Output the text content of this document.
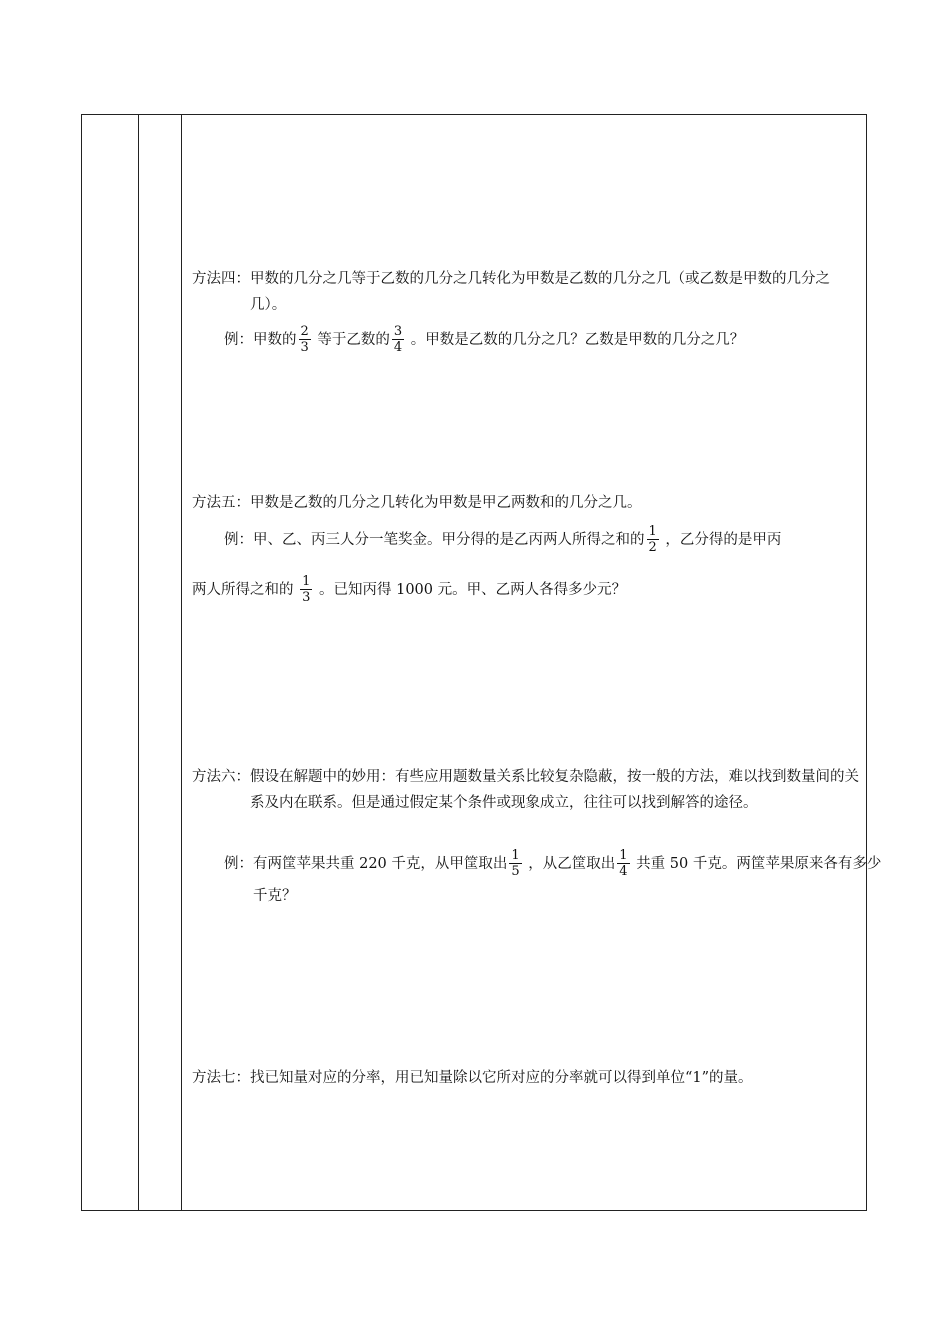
方法四： 甲数的几分之几等于乙数的几分之几转化为甲数是乙数的几分之几（或乙数是甲数的几分之几）。
例：甲数的 $\frac{2}{3}$ 等于乙数的 $\frac{3}{4}$ 。甲数是乙数的几分之几？乙数是甲数的几分之几？
方法五： 甲数是乙数的几分之几转化为甲数是甲乙两数和的几分之几。
例：甲、乙、丙三人分一笔奖金。甲分得的是乙丙两人所得之和的 $\frac{1}{2}$ ，乙分得的是甲丙
两人所得之和的 $\frac{1}{3}$ 。已知丙得 1000 元。甲、乙两人各得多少元？
方法六： 假设在解题中的妙用：有些应用题数量关系比较复杂隐蔽，按一般的方法，难以找到数量间的关系及内在联系。但是通过假定某个条件或现象成立，往往可以找到解答的途径。
例： 有两筐苹果共重 220 千克，从甲筐取出 $\frac{1}{5}$ ，从乙筐取出 $\frac{1}{4}$ 共重 50 千克。两筐苹果原来各有多少千克？
方法七： 找已知量对应的分率，用已知量除以它所对应的分率就可以得到单位“1”的量。
